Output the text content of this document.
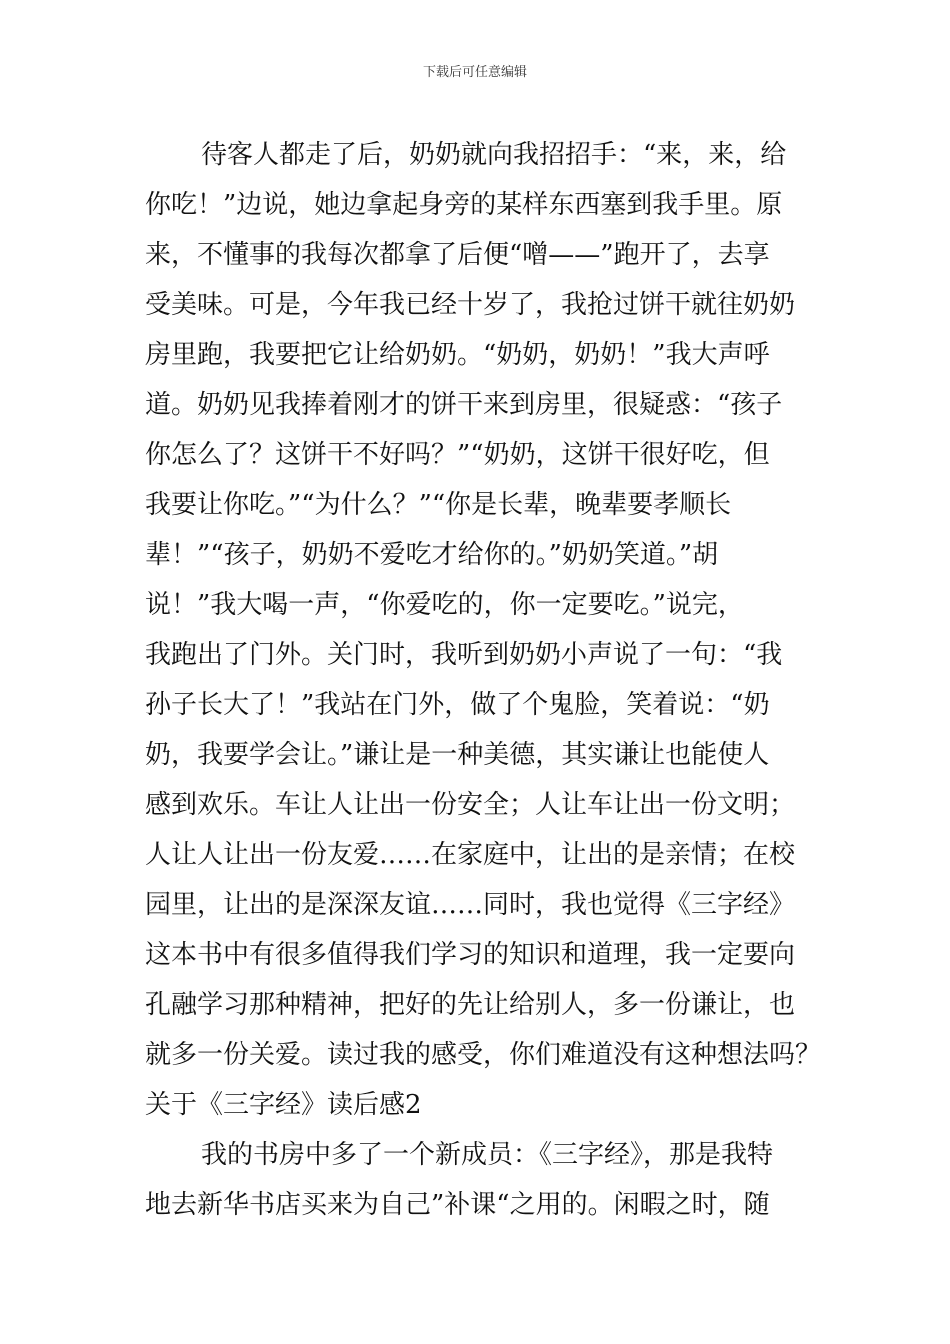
下载后可任意编辑
待客人都走了后，奶奶就向我招招手：“来，来，给
你吃！”边说，她边拿起身旁的某样东西塞到我手里。原
来，不懂事的我每次都拿了后便“噌——”跑开了，去享
受美味。可是，今年我已经十岁了，我抢过饼干就往奶奶
房里跑，我要把它让给奶奶。“奶奶，奶奶！”我大声呼
道。奶奶见我捧着刚才的饼干来到房里，很疑惑：“孩子
你怎么了？这饼干不好吗？”“奶奶，这饼干很好吃，但
我要让你吃。”“为什么？”“你是长辈，晚辈要孝顺长
辈！”“孩子，奶奶不爱吃才给你的。”奶奶笑道。”胡
说！”我大喝一声，“你爱吃的，你一定要吃。”说完，
我跑出了门外。关门时，我听到奶奶小声说了一句：“我
孙子长大了！”我站在门外，做了个鬼脸，笑着说：“奶
奶，我要学会让。”谦让是一种美德，其实谦让也能使人
感到欢乐。车让人让出一份安全；人让车让出一份文明；
人让人让出一份友爱……在家庭中，让出的是亲情；在校
园里，让出的是深深友谊……同时，我也觉得《三字经》
这本书中有很多值得我们学习的知识和道理，我一定要向
孔融学习那种精神，把好的先让给别人，多一份谦让，也
就多一份关爱。读过我的感受，你们难道没有这种想法吗？
关于《三字经》读后感2
我的书房中多了一个新成员：《三字经》，那是我特
地去新华书店买来为自己”补课“之用的。闲暇之时，随
